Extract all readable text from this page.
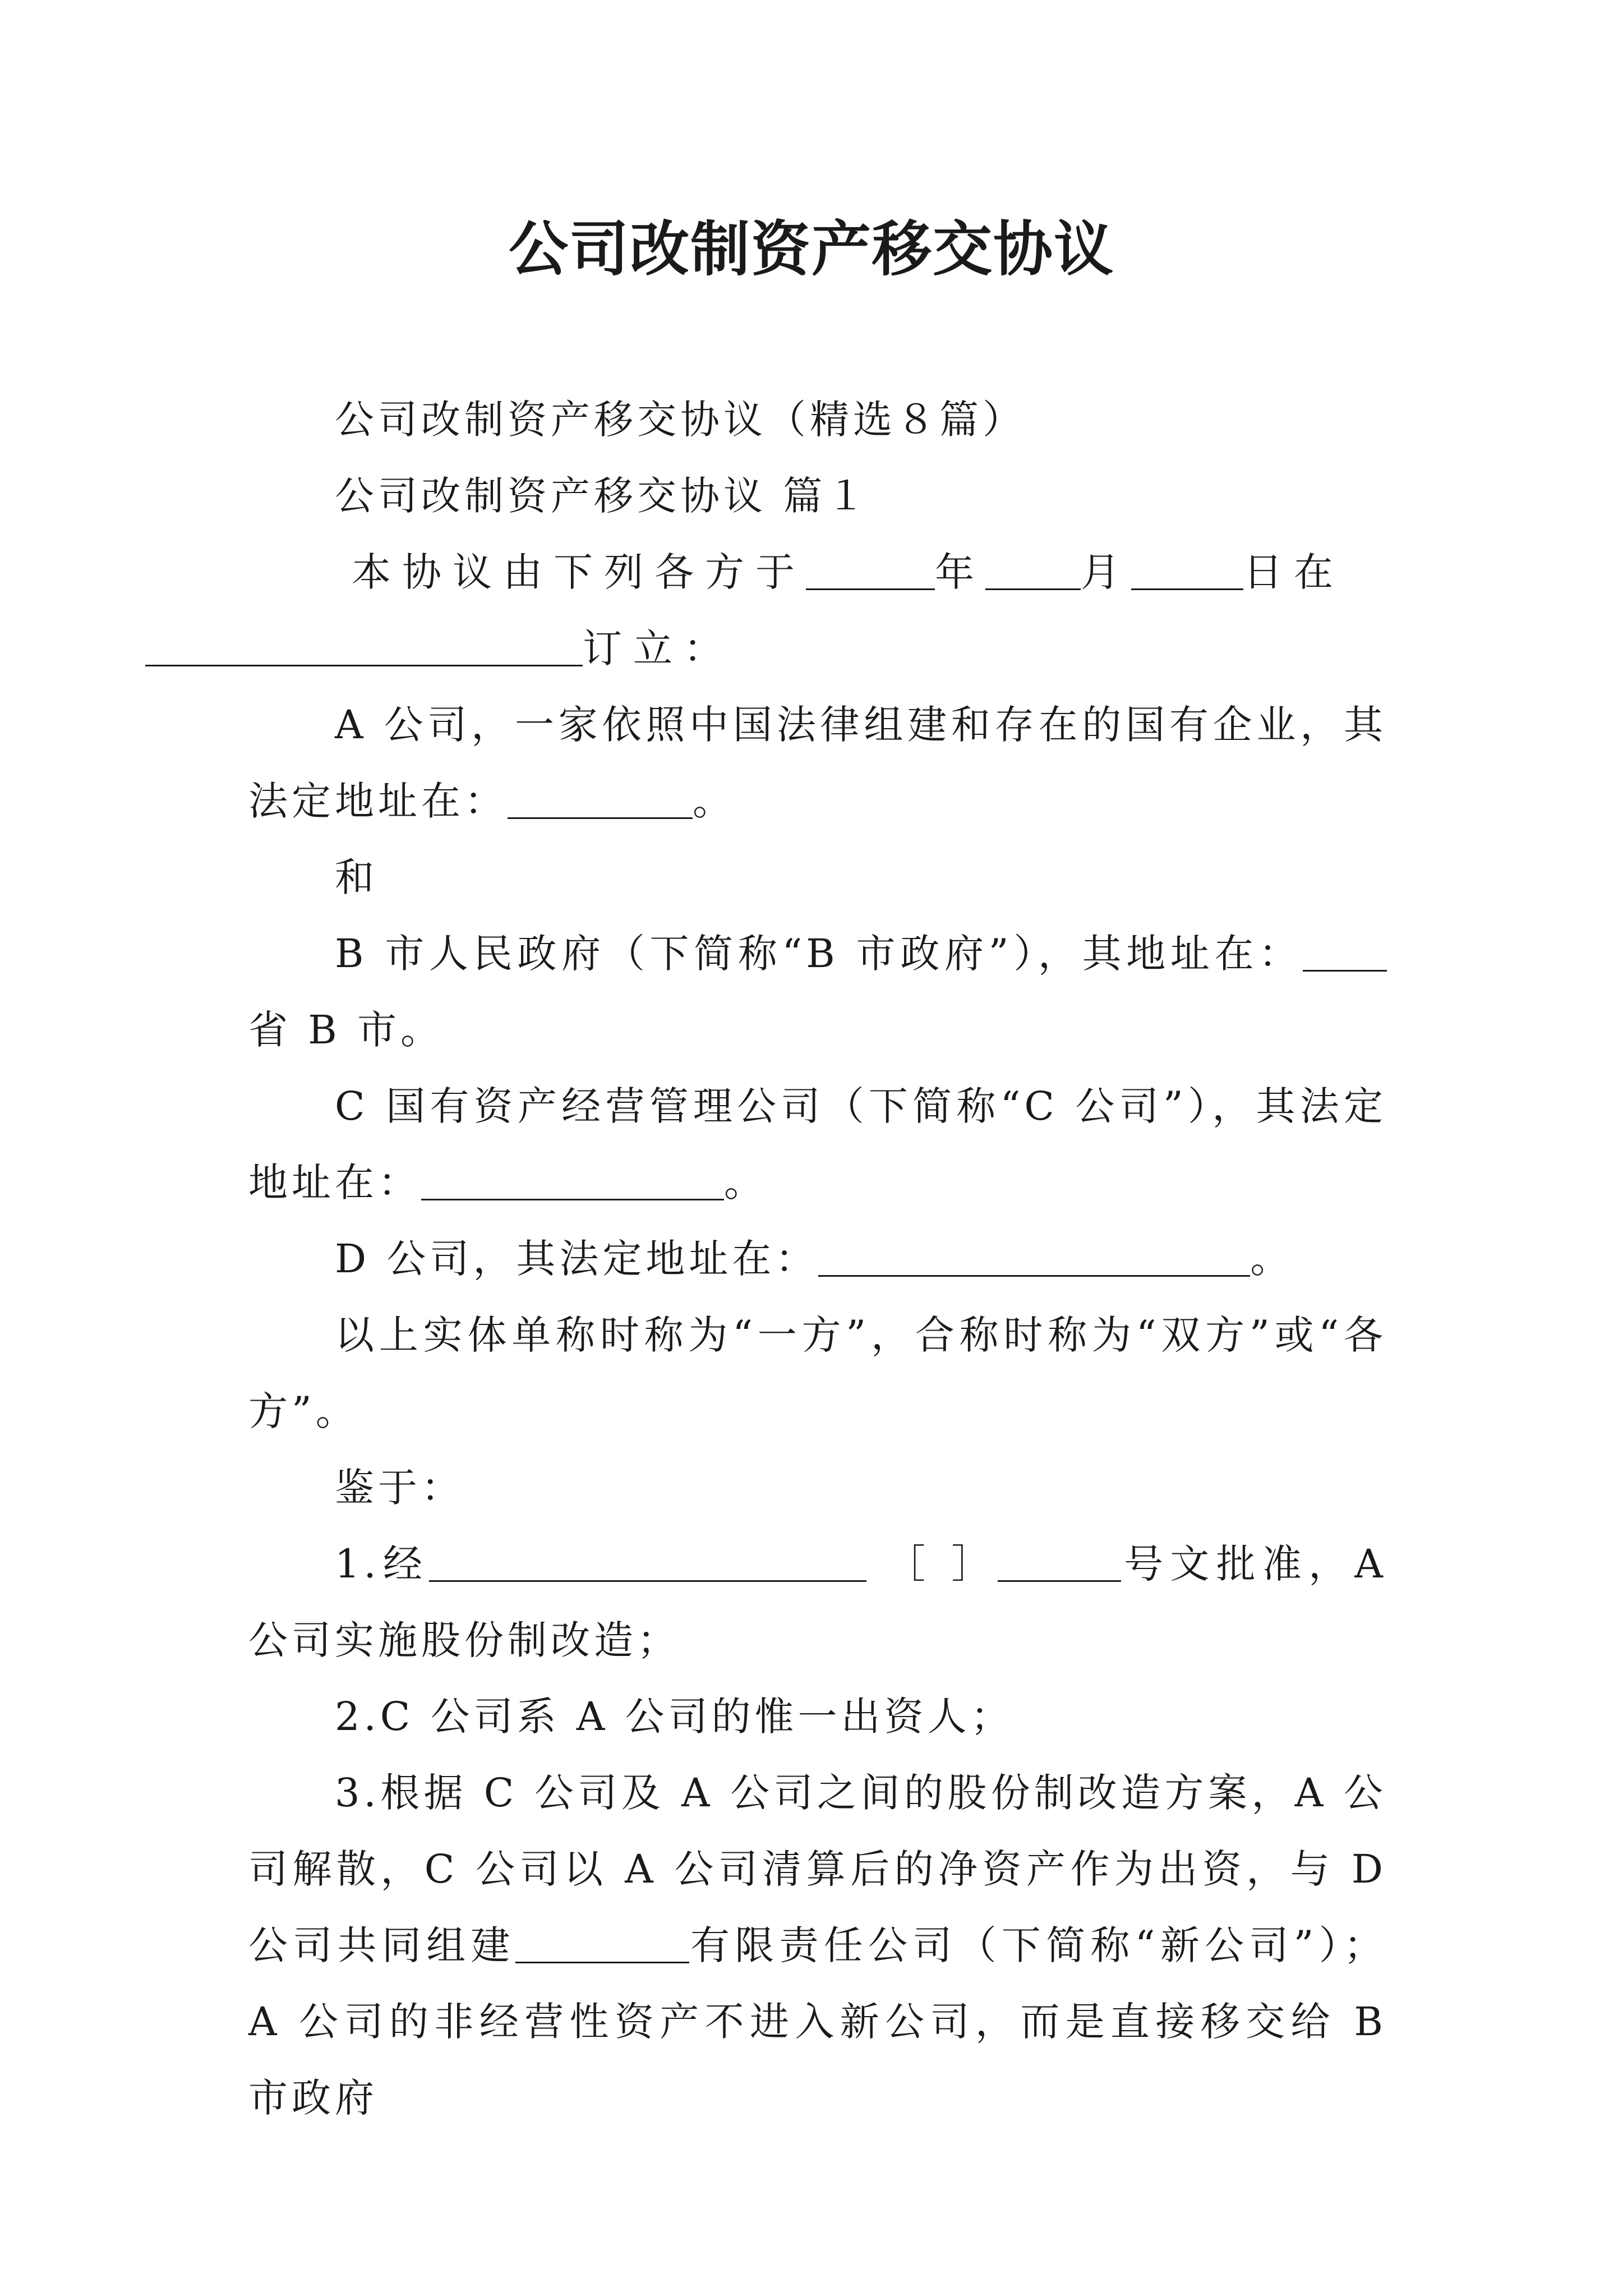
公司改制资产移交协议

公司改制资产移交协议（精选８篇）

公司改制资产移交协议 篇１

本协议由下列各方于	年 月	日在
订立：

A 公司，一家依照中国法律组建和存在的国有企业，其法定地址在：	。

和

B 市人民政府（下简称“B 市政府”），其地址在：省 B 市。

C 国有资产经营管理公司（下简称“C 公司”），其法定地址在：	。

D 公司，其法定地址在：	。

以上实体单称时称为“一方”，合称时称为“双方”或“各方”。

鉴于：

1.经	［ ］	号文批准，A 公司实施股份制改造；

2.C 公司系 A 公司的惟一出资人；

3.根据 C 公司及 A 公司之间的股份制改造方案，A 公司解散，C 公司以 A 公司清算后的净资产作为出资，与 D 公司共同组建	有限责任公司（下简称“新公司”）；A 公司的非经营性资产不进入新公司，而是直接移交给 B 市政府
